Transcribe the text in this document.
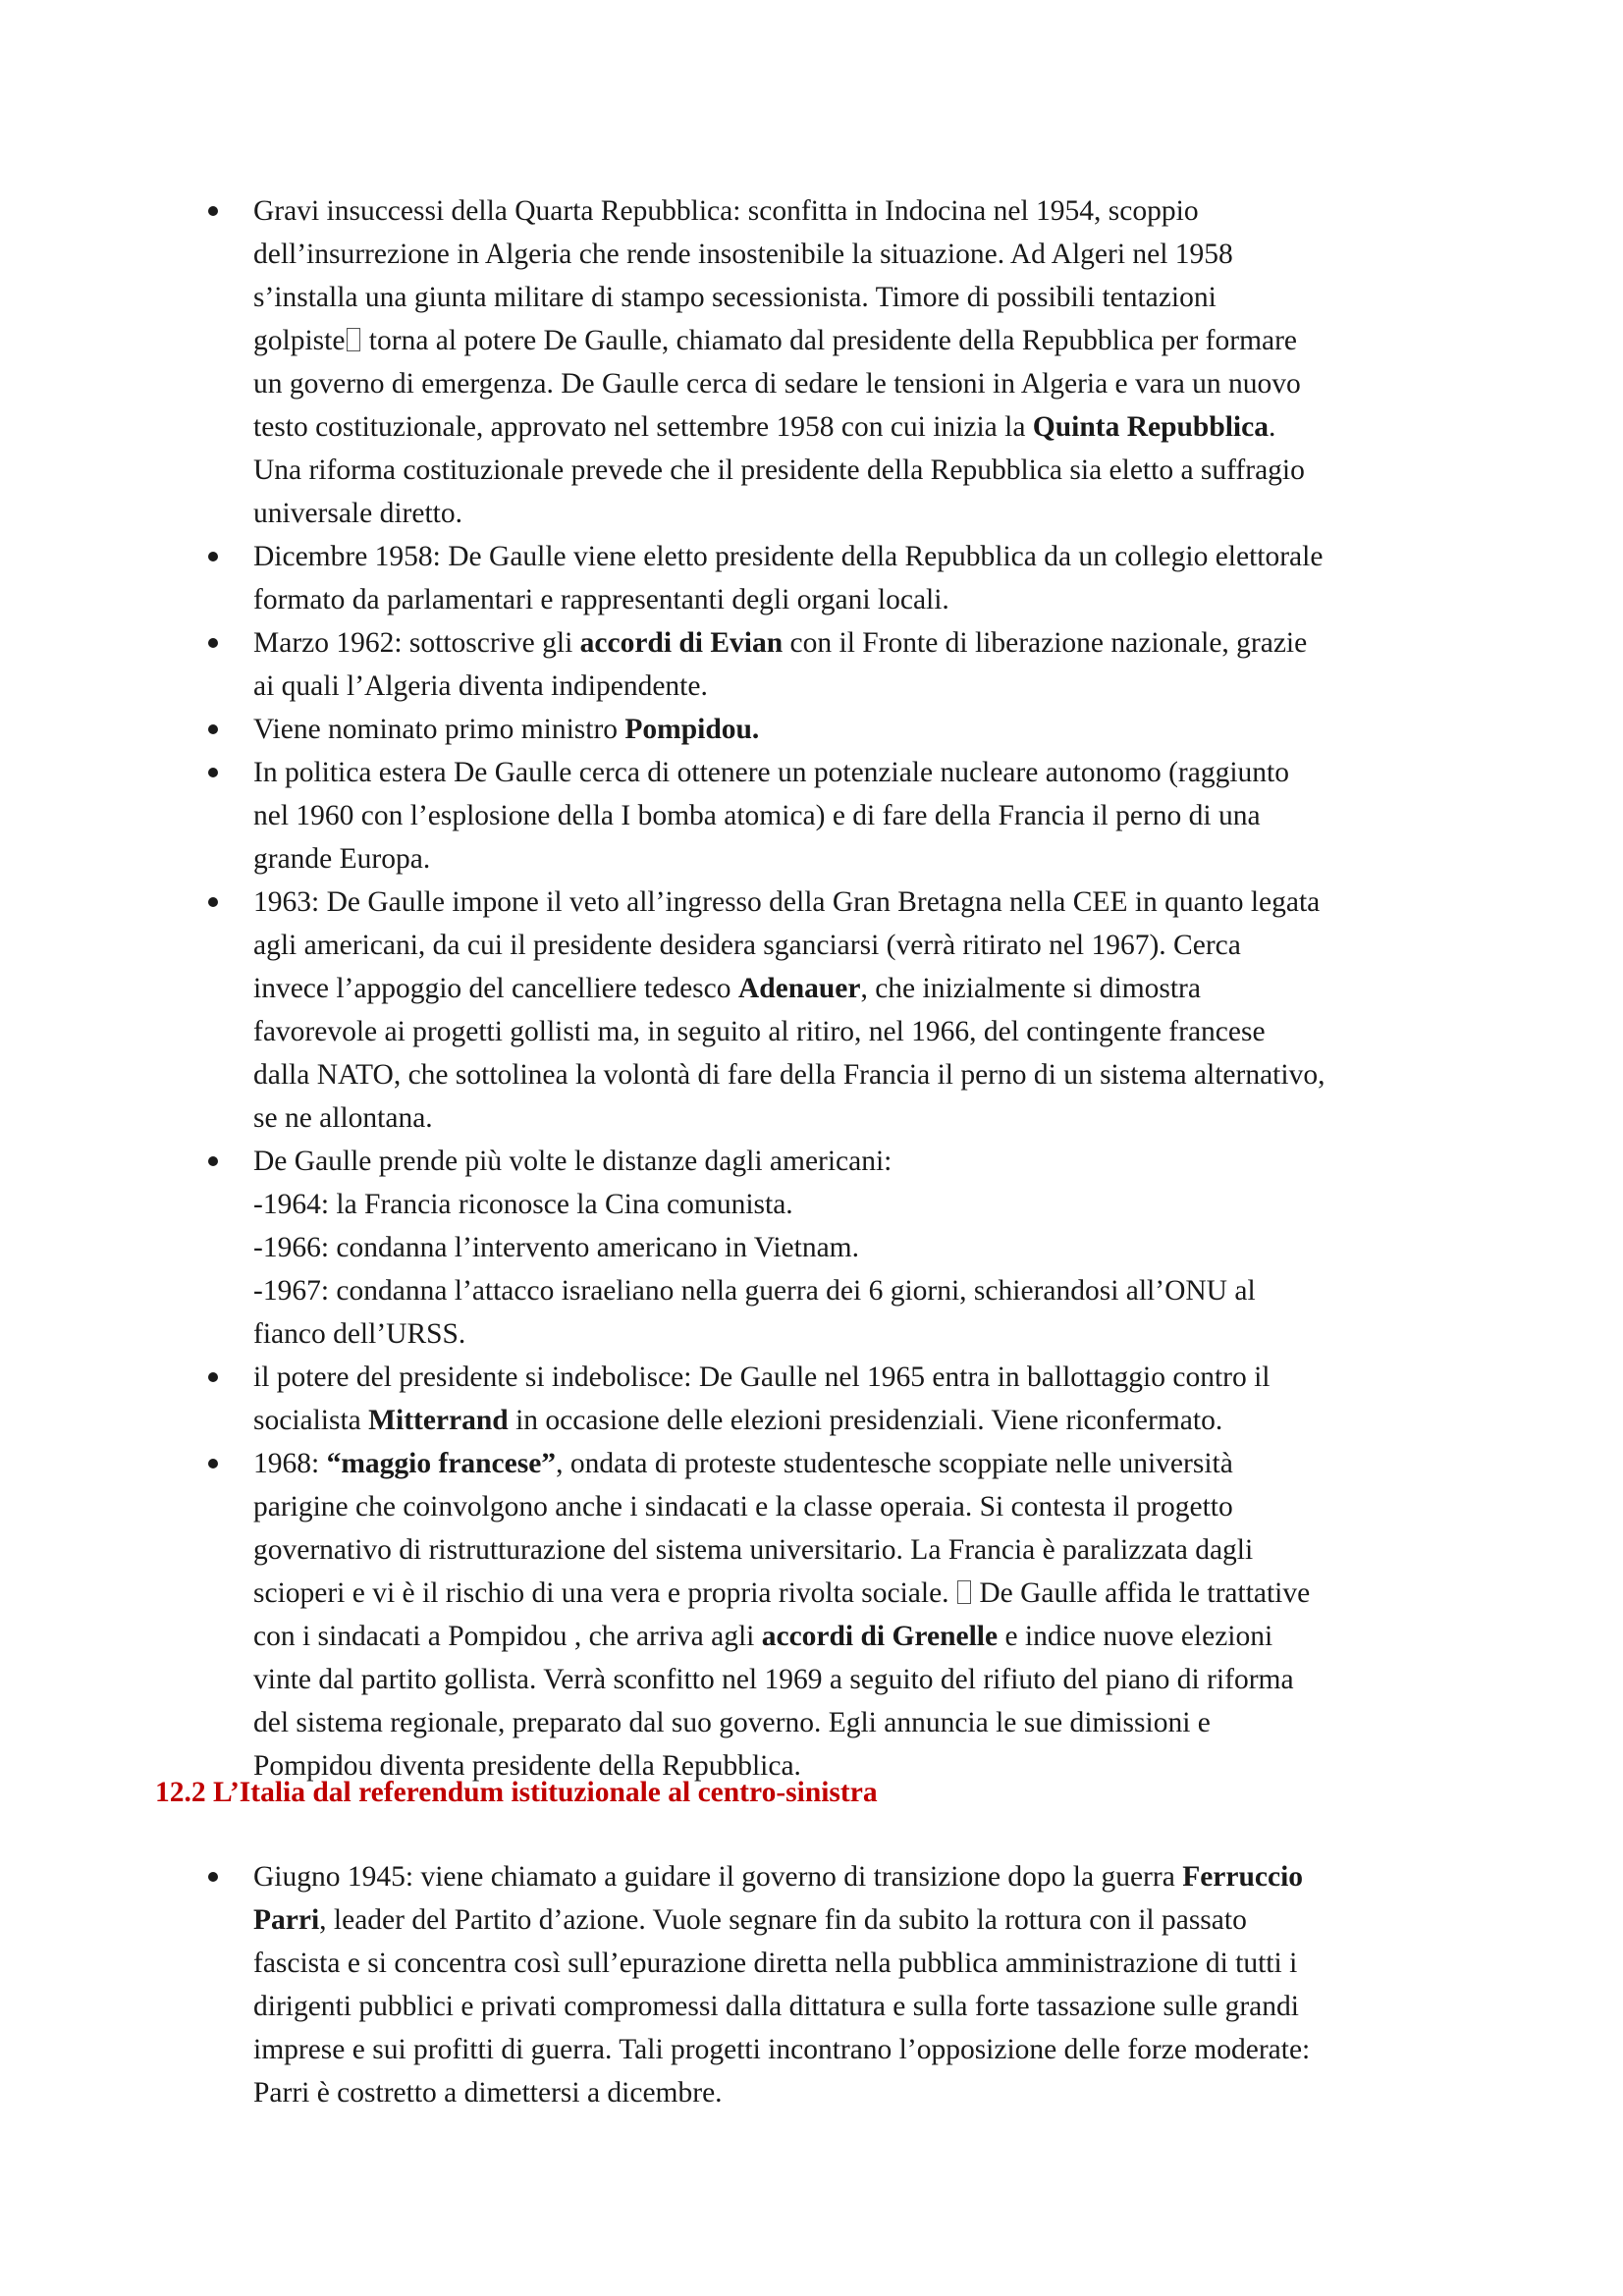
Gravi insuccessi della Quarta Repubblica: sconfitta in Indocina nel 1954, scoppio
dell’insurrezione in Algeria che rende insostenibile la situazione. Ad Algeri nel 1958
s’installa una giunta militare di stampo secessionista. Timore di possibili tentazioni
golpiste torna al potere De Gaulle, chiamato dal presidente della Repubblica per formare
un governo di emergenza. De Gaulle cerca di sedare le tensioni in Algeria e vara un nuovo
testo costituzionale, approvato nel settembre 1958 con cui inizia la Quinta Repubblica.
Una riforma costituzionale prevede che il presidente della Repubblica sia eletto a suffragio
universale diretto.
Dicembre 1958: De Gaulle viene eletto presidente della Repubblica da un collegio elettorale
formato da parlamentari e rappresentanti degli organi locali.
Marzo 1962: sottoscrive gli accordi di Evian con il Fronte di liberazione nazionale, grazie
ai quali l’Algeria diventa indipendente.
Viene nominato primo ministro Pompidou.
In politica estera De Gaulle cerca di ottenere un potenziale nucleare autonomo (raggiunto
nel 1960 con l’esplosione della I bomba atomica) e di fare della Francia il perno di una
grande Europa.
1963: De Gaulle impone il veto all’ingresso della Gran Bretagna nella CEE in quanto legata
agli americani, da cui il presidente desidera sganciarsi (verrà ritirato nel 1967). Cerca
invece l’appoggio del cancelliere tedesco Adenauer, che inizialmente si dimostra
favorevole ai progetti gollisti ma, in seguito al ritiro, nel 1966, del contingente francese
dalla NATO, che sottolinea la volontà di fare della Francia il perno di un sistema alternativo,
se ne allontana.
De Gaulle prende più volte le distanze dagli americani:
-1964: la Francia riconosce la Cina comunista.
-1966: condanna l’intervento americano in Vietnam.
-1967: condanna l’attacco israeliano nella guerra dei 6 giorni, schierandosi all’ONU al
fianco dell’URSS.
il potere del presidente si indebolisce: De Gaulle nel 1965 entra in ballottaggio contro il
socialista Mitterrand in occasione delle elezioni presidenziali. Viene riconfermato.
1968: “maggio francese”, ondata di proteste studentesche scoppiate nelle università
parigine che coinvolgono anche i sindacati e la classe operaia. Si contesta il progetto
governativo di ristrutturazione del sistema universitario. La Francia è paralizzata dagli
scioperi e vi è il rischio di una vera e propria rivolta sociale.  De Gaulle affida le trattative
con i sindacati a Pompidou , che arriva agli accordi di Grenelle e indice nuove elezioni
vinte dal partito gollista. Verrà sconfitto nel 1969 a seguito del rifiuto del piano di riforma
del sistema regionale, preparato dal suo governo. Egli annuncia le sue dimissioni e
Pompidou diventa presidente della Repubblica.
12.2 L’Italia dal referendum istituzionale al centro-sinistra
Giugno 1945: viene chiamato a guidare il governo di transizione dopo la guerra Ferruccio
Parri, leader del Partito d’azione. Vuole segnare fin da subito la rottura con il passato
fascista e si concentra così sull’epurazione diretta nella pubblica amministrazione di tutti i
dirigenti pubblici e privati compromessi dalla dittatura e sulla forte tassazione sulle grandi
imprese e sui profitti di guerra. Tali progetti incontrano l’opposizione delle forze moderate:
Parri è costretto a dimettersi a dicembre.
